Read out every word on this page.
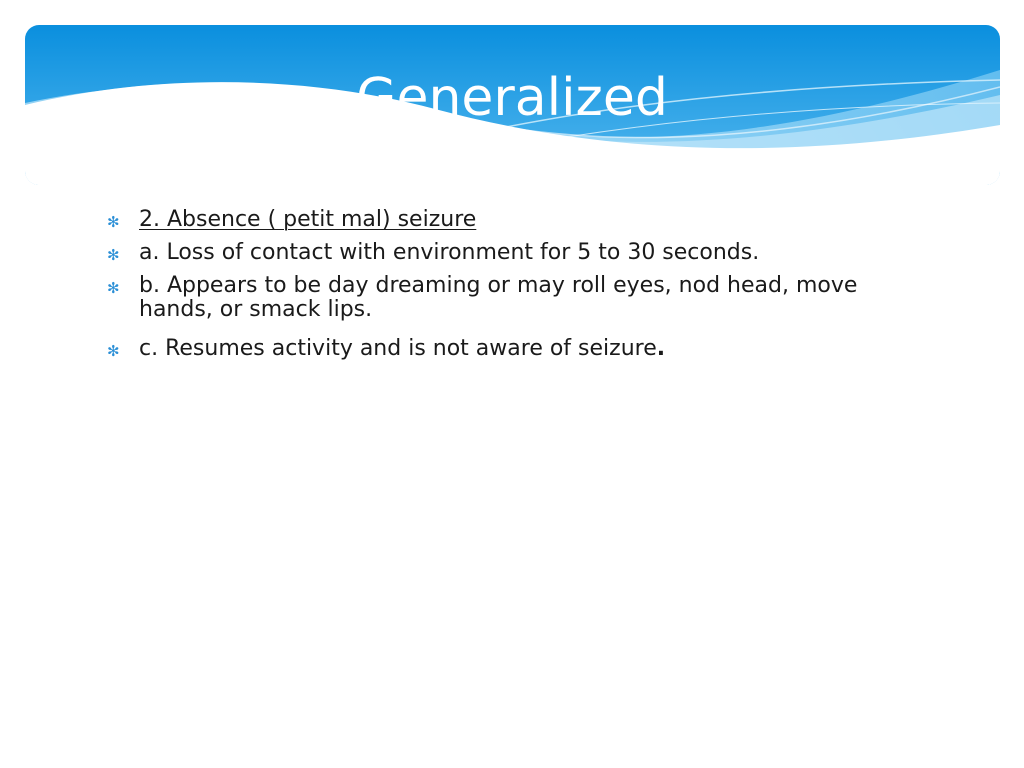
Generalized
✻ 2. Absence ( petit mal) seizure
✻ a. Loss of contact with environment for 5 to 30 seconds.
✻ b. Appears to be day dreaming or may roll eyes, nod head, move hands, or smack lips.
✻ c. Resumes activity and is not aware of seizure.
